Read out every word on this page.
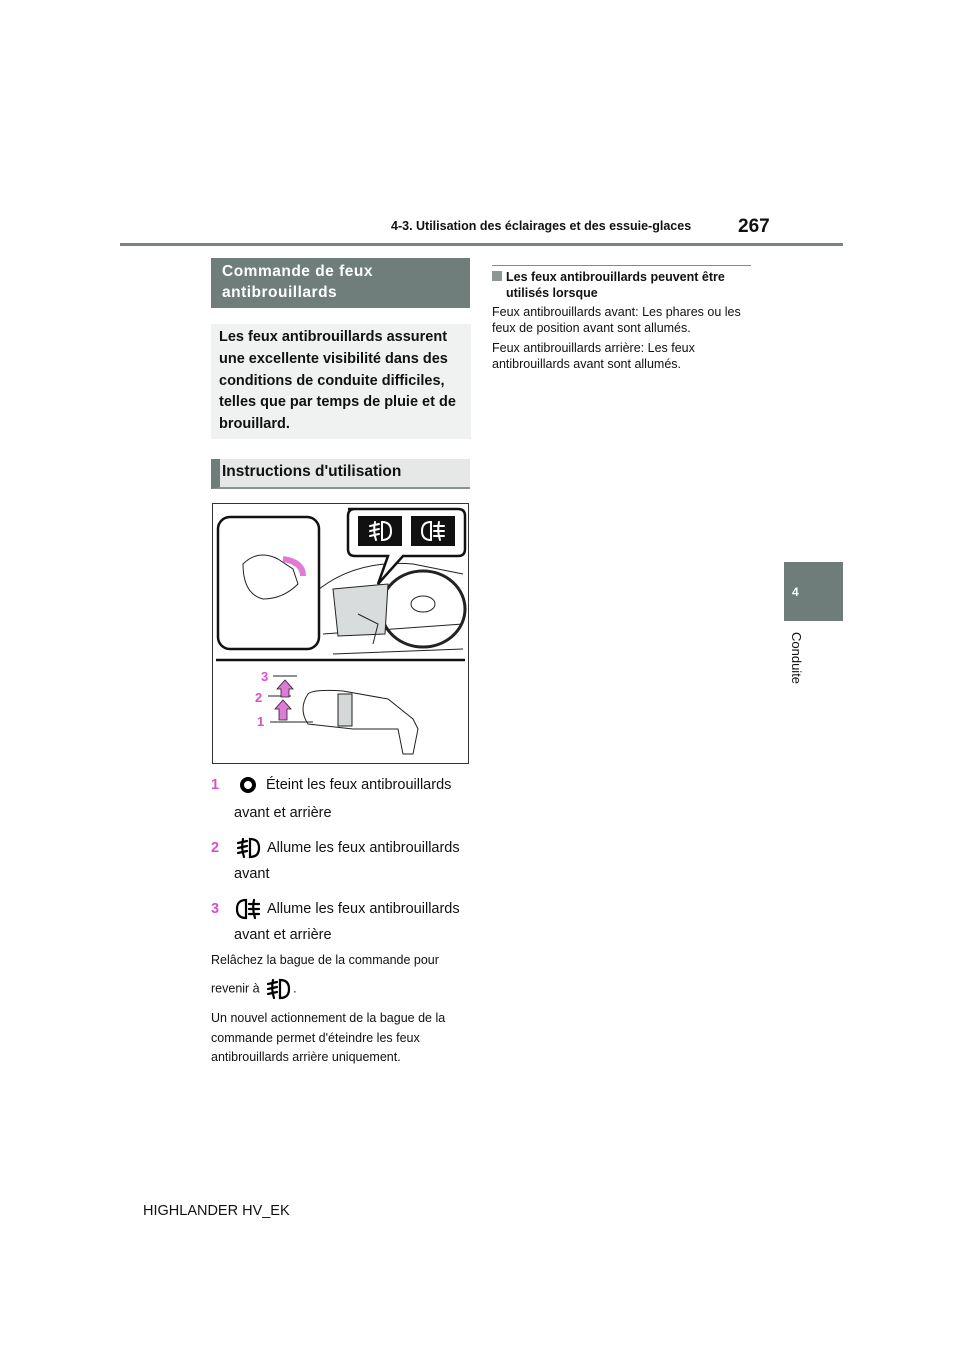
4-3. Utilisation des éclairages et des essuie-glaces 267
4
Conduite
Commande de feux
antibrouillards
Les feux antibrouillards assurent une excellente visibilité dans des conditions de conduite difficiles, telles que par temps de pluie et de brouillard.
Instructions d'utilisation
3
2
1
1	Éteint les feux antibrouillards
avant et arrière
2	Allume les feux antibrouillards
avant
3	Allume les feux antibrouillards
avant et arrière
Relâchez la bague de la commande pour
revenir à	.
Un nouvel actionnement de la bague de la
commande permet d'éteindre les feux
antibrouillards arrière uniquement.
Les feux antibrouillards peuvent être utilisés lorsque
Feux antibrouillards avant: Les phares ou les feux de position avant sont allumés.
Feux antibrouillards arrière: Les feux antibrouillards avant sont allumés.
HIGHLANDER HV_EK
